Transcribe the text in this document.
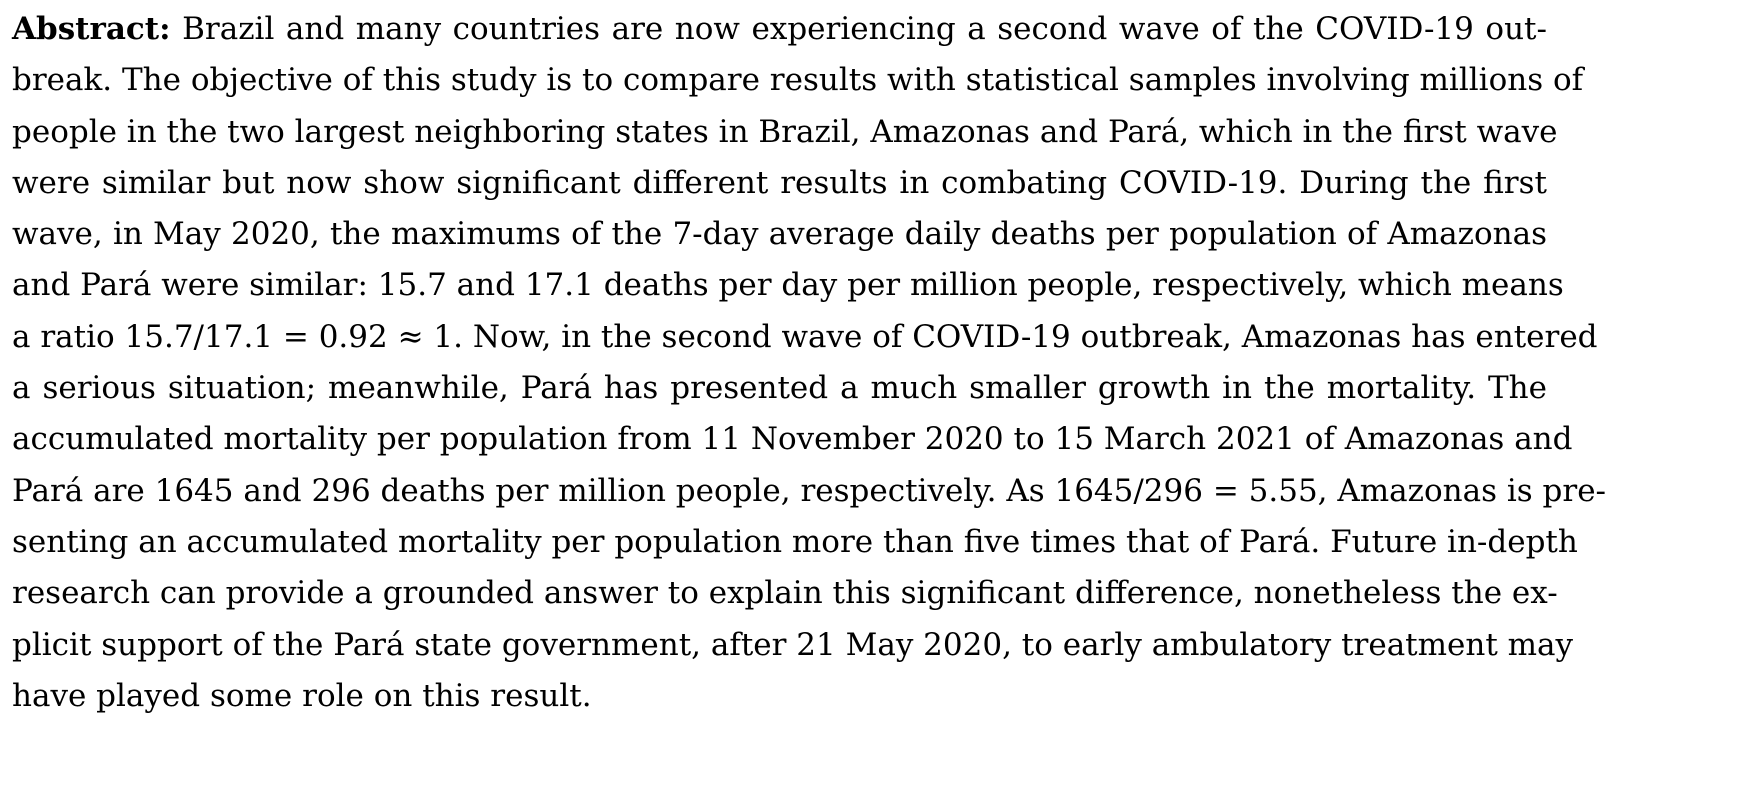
Abstract: Brazil and many countries are now experiencing a second wave of the COVID-19 out-
break. The objective of this study is to compare results with statistical samples involving millions of
people in the two largest neighboring states in Brazil, Amazonas and Pará, which in the first wave
were similar but now show significant different results in combating COVID-19. During the first
wave, in May 2020, the maximums of the 7-day average daily deaths per population of Amazonas
and Pará were similar: 15.7 and 17.1 deaths per day per million people, respectively, which means
a ratio 15.7/17.1 = 0.92 ≈ 1. Now, in the second wave of COVID-19 outbreak, Amazonas has entered
a serious situation; meanwhile, Pará has presented a much smaller growth in the mortality. The
accumulated mortality per population from 11 November 2020 to 15 March 2021 of Amazonas and
Pará are 1645 and 296 deaths per million people, respectively. As 1645/296 = 5.55, Amazonas is pre-
senting an accumulated mortality per population more than five times that of Pará. Future in-depth
research can provide a grounded answer to explain this significant difference, nonetheless the ex-
plicit support of the Pará state government, after 21 May 2020, to early ambulatory treatment may
have played some role on this result.
